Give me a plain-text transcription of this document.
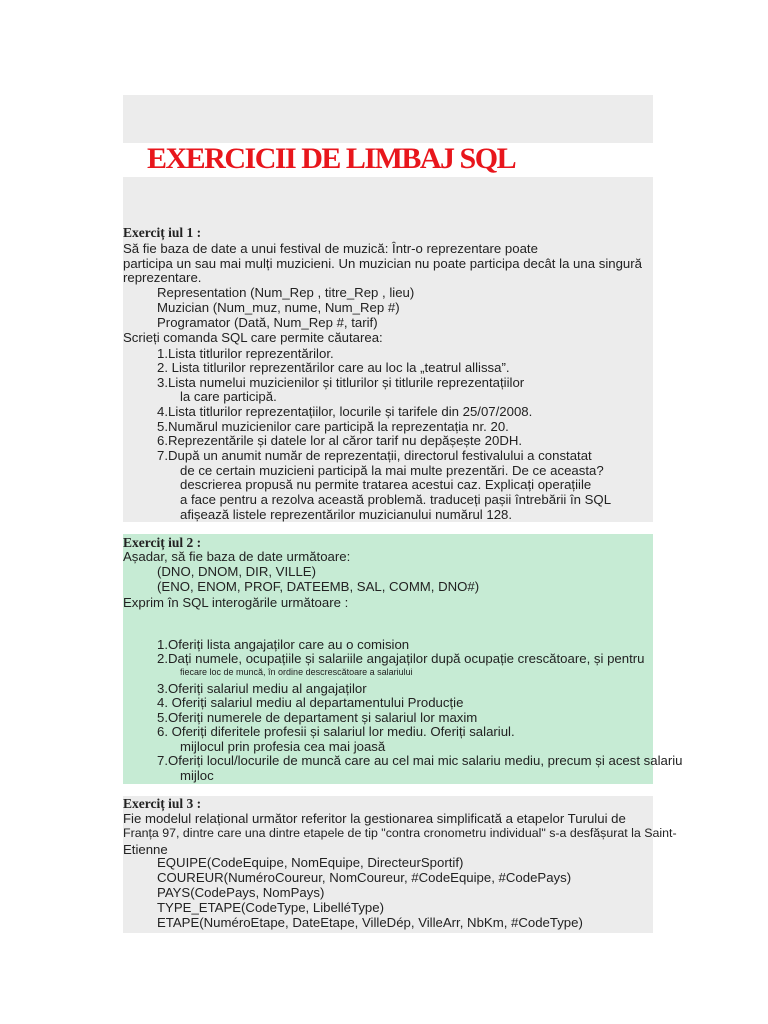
EXERCICII DE LIMBAJ SQL
Exerciț iul 1 :
Să fie baza de date a unui festival de muzică: Într-o reprezentare poate
participa un sau mai mulți muzicieni. Un muzician nu poate participa decât la una singură
reprezentare.
Representation (Num_Rep , titre_Rep , lieu)
Muzician (Num_muz, nume, Num_Rep #)
Programator (Dată, Num_Rep #, tarif)
Scrieți comanda SQL care permite căutarea:
1.Lista titlurilor reprezentărilor.
2. Lista titlurilor reprezentărilor care au loc la „teatrul allissa”.
3.Lista numelui muzicienilor și titlurilor și titlurile reprezentațiilor
la care participă.
4.Lista titlurilor reprezentațiilor, locurile și tarifele din 25/07/2008.
5.Numărul muzicienilor care participă la reprezentația nr. 20.
6.Reprezentările și datele lor al căror tarif nu depășește 20DH.
7.După un anumit număr de reprezentații, directorul festivalului a constatat
de ce certain muzicieni participă la mai multe prezentări. De ce aceasta?
descrierea propusă nu permite tratarea acestui caz. Explicați operațiile
a face pentru a rezolva această problemă. traduceți pașii întrebării în SQL
afișează listele reprezentărilor muzicianului numărul 128.
Exerciț iul 2 :
Așadar, să fie baza de date următoare:
(DNO, DNOM, DIR, VILLE)
(ENO, ENOM, PROF, DATEEMB, SAL, COMM, DNO#)
Exprim în SQL interogările următoare :
1.Oferiți lista angajaților care au o comision
2.Dați numele, ocupațiile și salariile angajaților după ocupație crescătoare, și pentru
fiecare loc de muncă, în ordine descrescătoare a salariului
3.Oferiți salariul mediu al angajaților
4. Oferiți salariul mediu al departamentului Producție
5.Oferiți numerele de departament și salariul lor maxim
6. Oferiți diferitele profesii și salariul lor mediu. Oferiți salariul.
mijlocul prin profesia cea mai joasă
7.Oferiți locul/locurile de muncă care au cel mai mic salariu mediu, precum și acest salariu
mijloc
Exerciț iul 3 :
Fie modelul relațional următor referitor la gestionarea simplificată a etapelor Turului de
Franța 97, dintre care una dintre etapele de tip "contra cronometru individual" s-a desfășurat la Saint-
Etienne
EQUIPE(CodeEquipe, NomEquipe, DirecteurSportif)
COUREUR(NuméroCoureur, NomCoureur, #CodeEquipe, #CodePays)
PAYS(CodePays, NomPays)
TYPE_ETAPE(CodeType, LibelléType)
ETAPE(NuméroEtape, DateEtape, VilleDép, VilleArr, NbKm, #CodeType)
